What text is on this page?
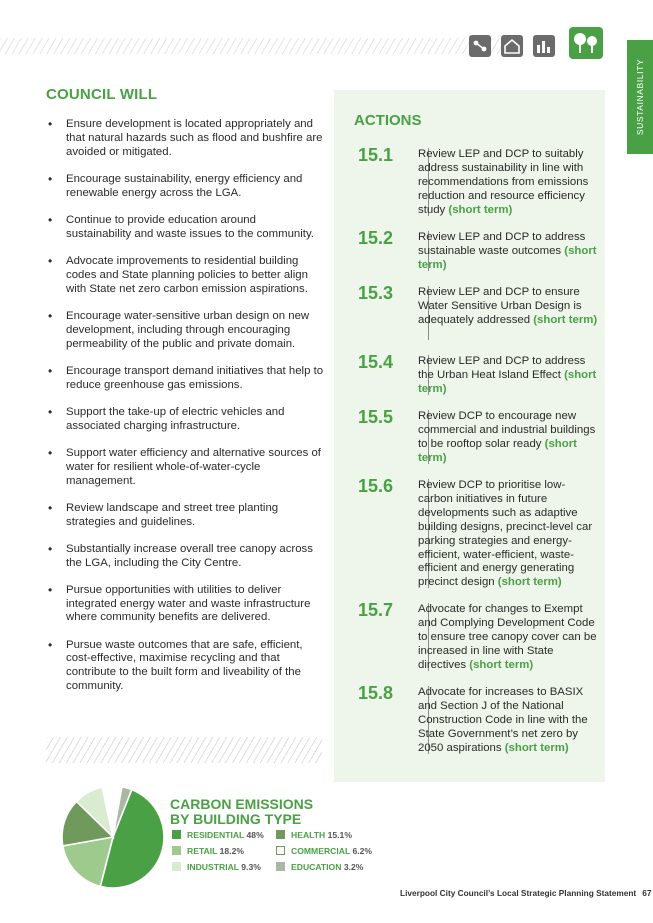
SUSTAINABILITY
COUNCIL WILL
• Ensure development is located appropriately and that natural hazards such as flood and bushfire are avoided or mitigated.
• Encourage sustainability, energy efficiency and renewable energy across the LGA.
• Continue to provide education around sustainability and waste issues to the community.
• Advocate improvements to residential building codes and State planning policies to better align with State net zero carbon emission aspirations.
• Encourage water-sensitive urban design on new development, including through encouraging permeability of the public and private domain.
• Encourage transport demand initiatives that help to reduce greenhouse gas emissions.
• Support the take-up of electric vehicles and associated charging infrastructure.
• Support water efficiency and alternative sources of water for resilient whole-of-water-cycle management.
• Review landscape and street tree planting strategies and guidelines.
• Substantially increase overall tree canopy across the LGA, including the City Centre.
• Pursue opportunities with utilities to deliver integrated energy water and waste infrastructure where community benefits are delivered.
• Pursue waste outcomes that are safe, efficient, cost-effective, maximise recycling and that contribute to the built form and liveability of the community.
ACTIONS
15.1 Review LEP and DCP to suitably address sustainability in line with recommendations from emissions reduction and resource efficiency study (short term)
15.2 Review LEP and DCP to address sustainable waste outcomes (short term)
15.3 Review LEP and DCP to ensure Water Sensitive Urban Design is adequately addressed (short term)
15.4 Review LEP and DCP to address the Urban Heat Island Effect (short term)
15.5 Review DCP to encourage new commercial and industrial buildings to be rooftop solar ready (short term)
15.6 Review DCP to prioritise low-carbon initiatives in future developments such as adaptive building designs, precinct-level car parking strategies and energy-efficient, water-efficient, waste-efficient and energy generating precinct design (short term)
15.7 Advocate for changes to Exempt and Complying Development Code to ensure tree canopy cover can be increased in line with State directives (short term)
15.8 Advocate for increases to BASIX and Section J of the National Construction Code in line with the State Government’s net zero by 2050 aspirations (short term)
CARBON EMISSIONS
BY BUILDING TYPE
RESIDENTIAL 48%
RETAIL 18.2%
INDUSTRIAL 9.3%
HEALTH 15.1%
COMMERCIAL 6.2%
EDUCATION 3.2%
Liverpool City Council’s Local Strategic Planning Statement 67
